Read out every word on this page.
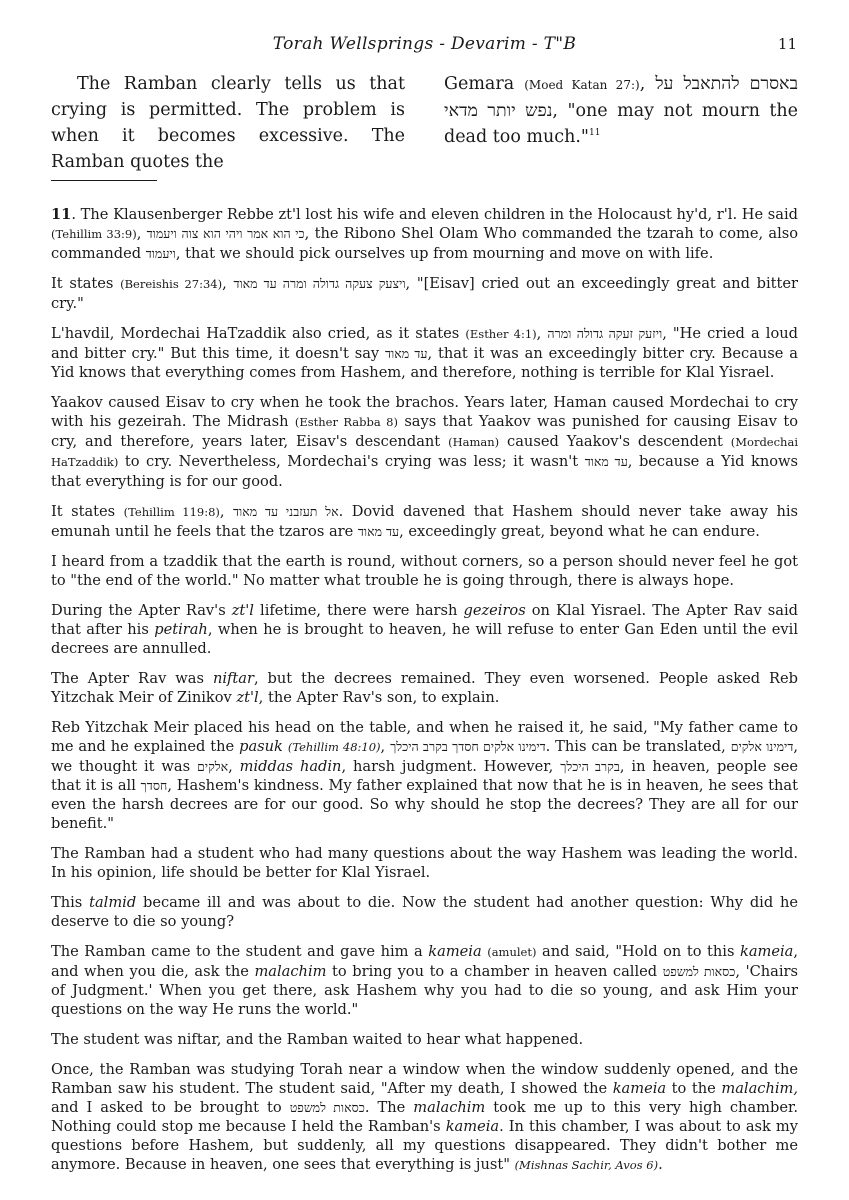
Torah Wellsprings - Devarim - T"B	11
The Ramban clearly tells us that crying is permitted. The problem is when it becomes excessive. The Ramban quotes the
Gemara (Moed Katan 27:), באסרם להתאבל על נפש יותר מדאי	, "one may not mourn the dead too much."$^{11}$

11. The Klausenberger Rebbe zt'l lost his wife and eleven children in the Holocaust hy'd, r'l. He said (Tehillim 33:9), כי הוא אמר ויהי הוא צוה ויעמוד, the Ribono Shel Olam Who commanded the tzarah to come, also commanded ויעמוד, that we should pick ourselves up from mourning and move on with life.

It states (Bereishis 27:34), ויצעק צעקה גדולה ומרה עד מאוד, "[Eisav] cried out an exceedingly great and bitter cry."

L'havdil, Mordechai HaTzaddik also cried, as it states (Esther 4:1), ויזעק זעקה גדולה ומרה, "He cried a loud and bitter cry." But this time, it doesn't say עד מאוד, that it was an exceedingly bitter cry. Because a Yid knows that everything comes from Hashem, and therefore, nothing is terrible for Klal Yisrael.

Yaakov caused Eisav to cry when he took the brachos. Years later, Haman caused Mordechai to cry with his gezeirah. The Midrash (Esther Rabba 8) says that Yaakov was punished for causing Eisav to cry, and therefore, years later, Eisav's descendant (Haman) caused Yaakov's descendent (Mordechai HaTzaddik) to cry. Nevertheless, Mordechai's crying was less; it wasn't עד מאוד, because a Yid knows that everything is for our good.

It states (Tehillim 119:8), אל תעזבני עד מאוד. Dovid davened that Hashem should never take away his emunah until he feels that the tzaros are עד מאוד, exceedingly great, beyond what he can endure.

I heard from a tzaddik that the earth is round, without corners, so a person should never feel he got to "the end of the world." No matter what trouble he is going through, there is always hope.

During the Apter Rav's zt'l lifetime, there were harsh gezeiros on Klal Yisrael. The Apter Rav said that after his petirah, when he is brought to heaven, he will refuse to enter Gan Eden until the evil decrees are annulled.

The Apter Rav was niftar, but the decrees remained. They even worsened. People asked Reb Yitzchak Meir of Zinikov zt'l, the Apter Rav's son, to explain.

Reb Yitzchak Meir placed his head on the table, and when he raised it, he said, "My father came to me and he explained the pasuk (Tehillim 48:10), דימינו אלקים חסדך בקרב היכלך. This can be translated, דימינו אלקים, we thought it was אלקים, middas hadin, harsh judgment. However, בקרב היכלך, in heaven, people see that it is all חסדך, Hashem's kindness. My father explained that now that he is in heaven, he sees that even the harsh decrees are for our good. So why should he stop the decrees? They are all for our benefit."

The Ramban had a student who had many questions about the way Hashem was leading the world. In his opinion, life should be better for Klal Yisrael.

This talmid became ill and was about to die. Now the student had another question: Why did he deserve to die so young?

The Ramban came to the student and gave him a kameia (amulet) and said, "Hold on to this kameia, and when you die, ask the malachim to bring you to a chamber in heaven called כסאות למשפט, 'Chairs of Judgment.' When you get there, ask Hashem why you had to die so young, and ask Him your questions on the way He runs the world."

The student was niftar, and the Ramban waited to hear what happened.

Once, the Ramban was studying Torah near a window when the window suddenly opened, and the Ramban saw his student. The student said, "After my death, I showed the kameia to the malachim, and I asked to be brought to כסאות למשפט. The malachim took me up to this very high chamber. Nothing could stop me because I held the Ramban's kameia. In this chamber, I was about to ask my questions before Hashem, but suddenly, all my questions disappeared. They didn't bother me anymore. Because in heaven, one sees that everything is just" (Mishnas Sachir, Avos 6).
